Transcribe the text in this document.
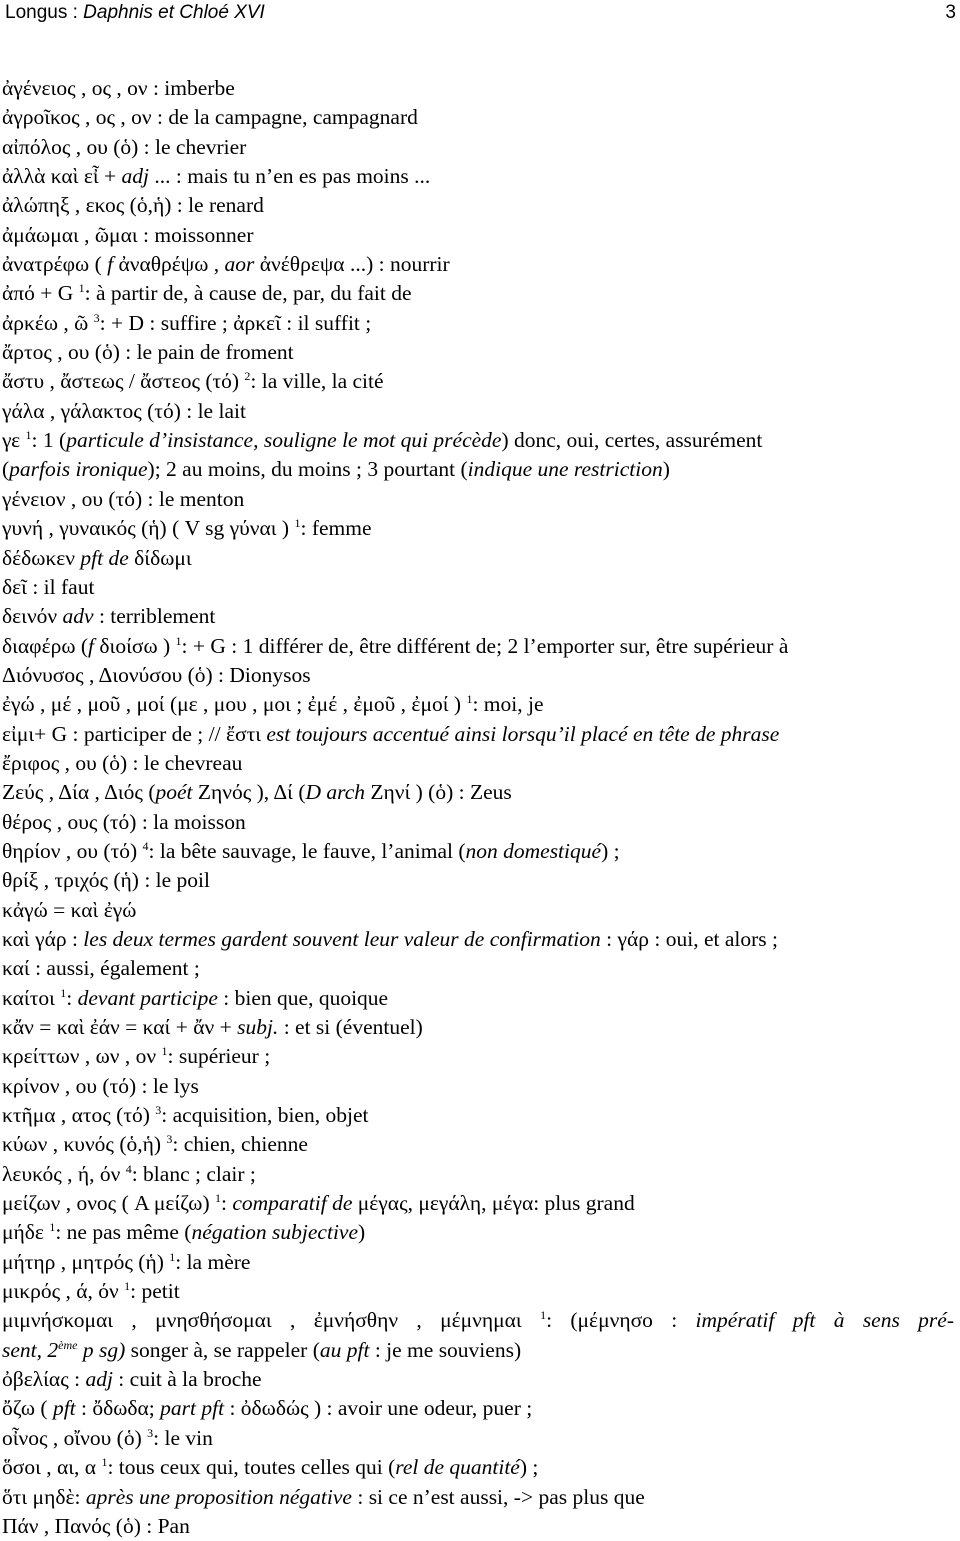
Longus : Daphnis et Chloé XVI	3
ἀγένειος , ος , ον : imberbe
ἀγροῖκος , ος , ον : de la campagne, campagnard
αἰπόλος , ου (ὁ) : le chevrier
ἀλλὰ καὶ εἶ + adj ... : mais tu n’en es pas moins ...
ἀλώπηξ , εκος (ὁ,ἡ) : le renard
ἀμάωμαι , ῶμαι : moissonner
ἀνατρέφω ( f ἀναθρέψω , aor ἀνέθρεψα ...) : nourrir
ἀπό + G $^1$: à partir de, à cause de, par, du fait de
ἀρκέω , ῶ $^3$: + D : suffire ; ἀρκεῖ : il suffit ;
ἄρτος , ου (ὁ) : le pain de froment
ἄστυ , ἄστεως / ἄστεος (τό) $^2$: la ville, la cité
γάλα , γάλακτος (τό) : le lait
γε $^1$: 1 (particule d’insistance, souligne le mot qui précède) donc, oui, certes, assurément
(parfois ironique); 2 au moins, du moins ; 3 pourtant (indique une restriction)
γένειον , ου (τό) : le menton
γυνή , γυναικός (ἡ) ( V sg γύναι ) $^1$: femme
δέδωκεν pft de δίδωμι
δεῖ : il faut
δεινόν adv : terriblement
διαφέρω (f διοίσω ) $^1$: + G : 1 différer de, être différent de; 2 l’emporter sur, être supérieur à
Διόνυσος , Διονύσου (ὁ) : Dionysos
ἐγώ , μέ , μοῦ , μοί (με , μου , μοι ; ἐμέ , ἐμοῦ , ἐμοί ) $^1$: moi, je
εἰμι+ G : participer de ; // ἔστι est toujours accentué ainsi lorsqu’il placé en tête de phrase
ἔριφος , ου (ὁ) : le chevreau
Ζεύς , Δία , Διός (poét Ζηνός ), Δί (D arch Ζηνί ) (ὁ) : Zeus
θέρος , ους (τό) : la moisson
θηρίον , ου (τό) $^4$: la bête sauvage, le fauve, l’animal (non domestiqué) ;
θρίξ , τριχός (ἡ) : le poil
κἀγώ = καὶ ἐγώ
καὶ γάρ : les deux termes gardent souvent leur valeur de confirmation : γάρ : oui, et alors ;
καί : aussi, également ;
καίτοι $^1$: devant participe : bien que, quoique
κἄν = καὶ ἐάν = καί + ἄν + subj. : et si (éventuel)
κρείττων , ων , ον $^1$: supérieur ;
κρίνον , ου (τό) : le lys
κτῆμα , ατος (τό) $^3$: acquisition, bien, objet
κύων , κυνός (ὁ,ἡ) $^3$: chien, chienne
λευκός , ή, όν $^4$: blanc ; clair ;
μείζων , ονος ( A μείζω) $^1$: comparatif de μέγας, μεγάλη, μέγα: plus grand
μήδε $^1$: ne pas même (négation subjective)
μήτηρ , μητρός (ἡ) $^1$: la mère
μικρός , ά, όν $^1$: petit
μιμνήσκομαι , μνησθήσομαι , ἐμνήσθην , μέμνημαι $^1$: (μέμνησο : impératif pft à sens pré-
sent, 2ème p sg) songer à, se rappeler (au pft : je me souviens)
ὀβελίας : adj : cuit à la broche
ὄζω ( pft : ὄδωδα; part pft : ὀδωδώς ) : avoir une odeur, puer ;
οἶνος , οἴνου (ὁ) $^3$: le vin
ὅσοι , αι, α $^1$: tous ceux qui, toutes celles qui (rel de quantité) ;
ὅτι μηδὲ: après une proposition négative : si ce n’est aussi, -> pas plus que
Πάν , Πανός (ὁ) : Pan
